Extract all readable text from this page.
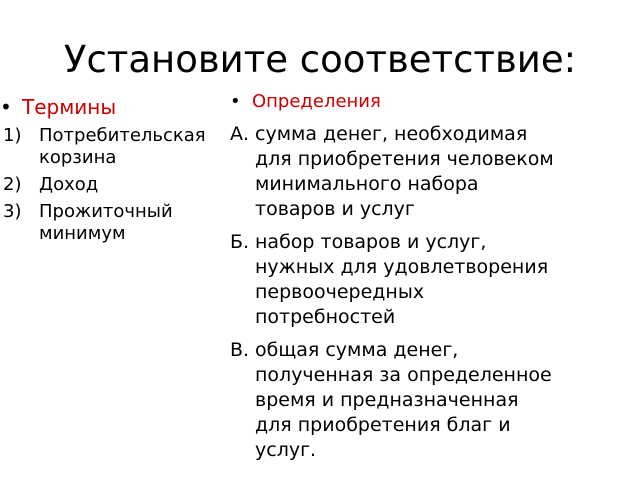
Установите соответствие:
• Термины
1) Потребительская
корзина
2) Доход
3) Прожиточный
минимум
• Определения
А. сумма денег, необходимая
для приобретения человеком
минимального набора
товаров и услуг
Б. набор товаров и услуг,
нужных для удовлетворения
первоочередных
потребностей
В. общая сумма денег,
полученная за определенное
время и предназначенная
для приобретения благ и
услуг.
